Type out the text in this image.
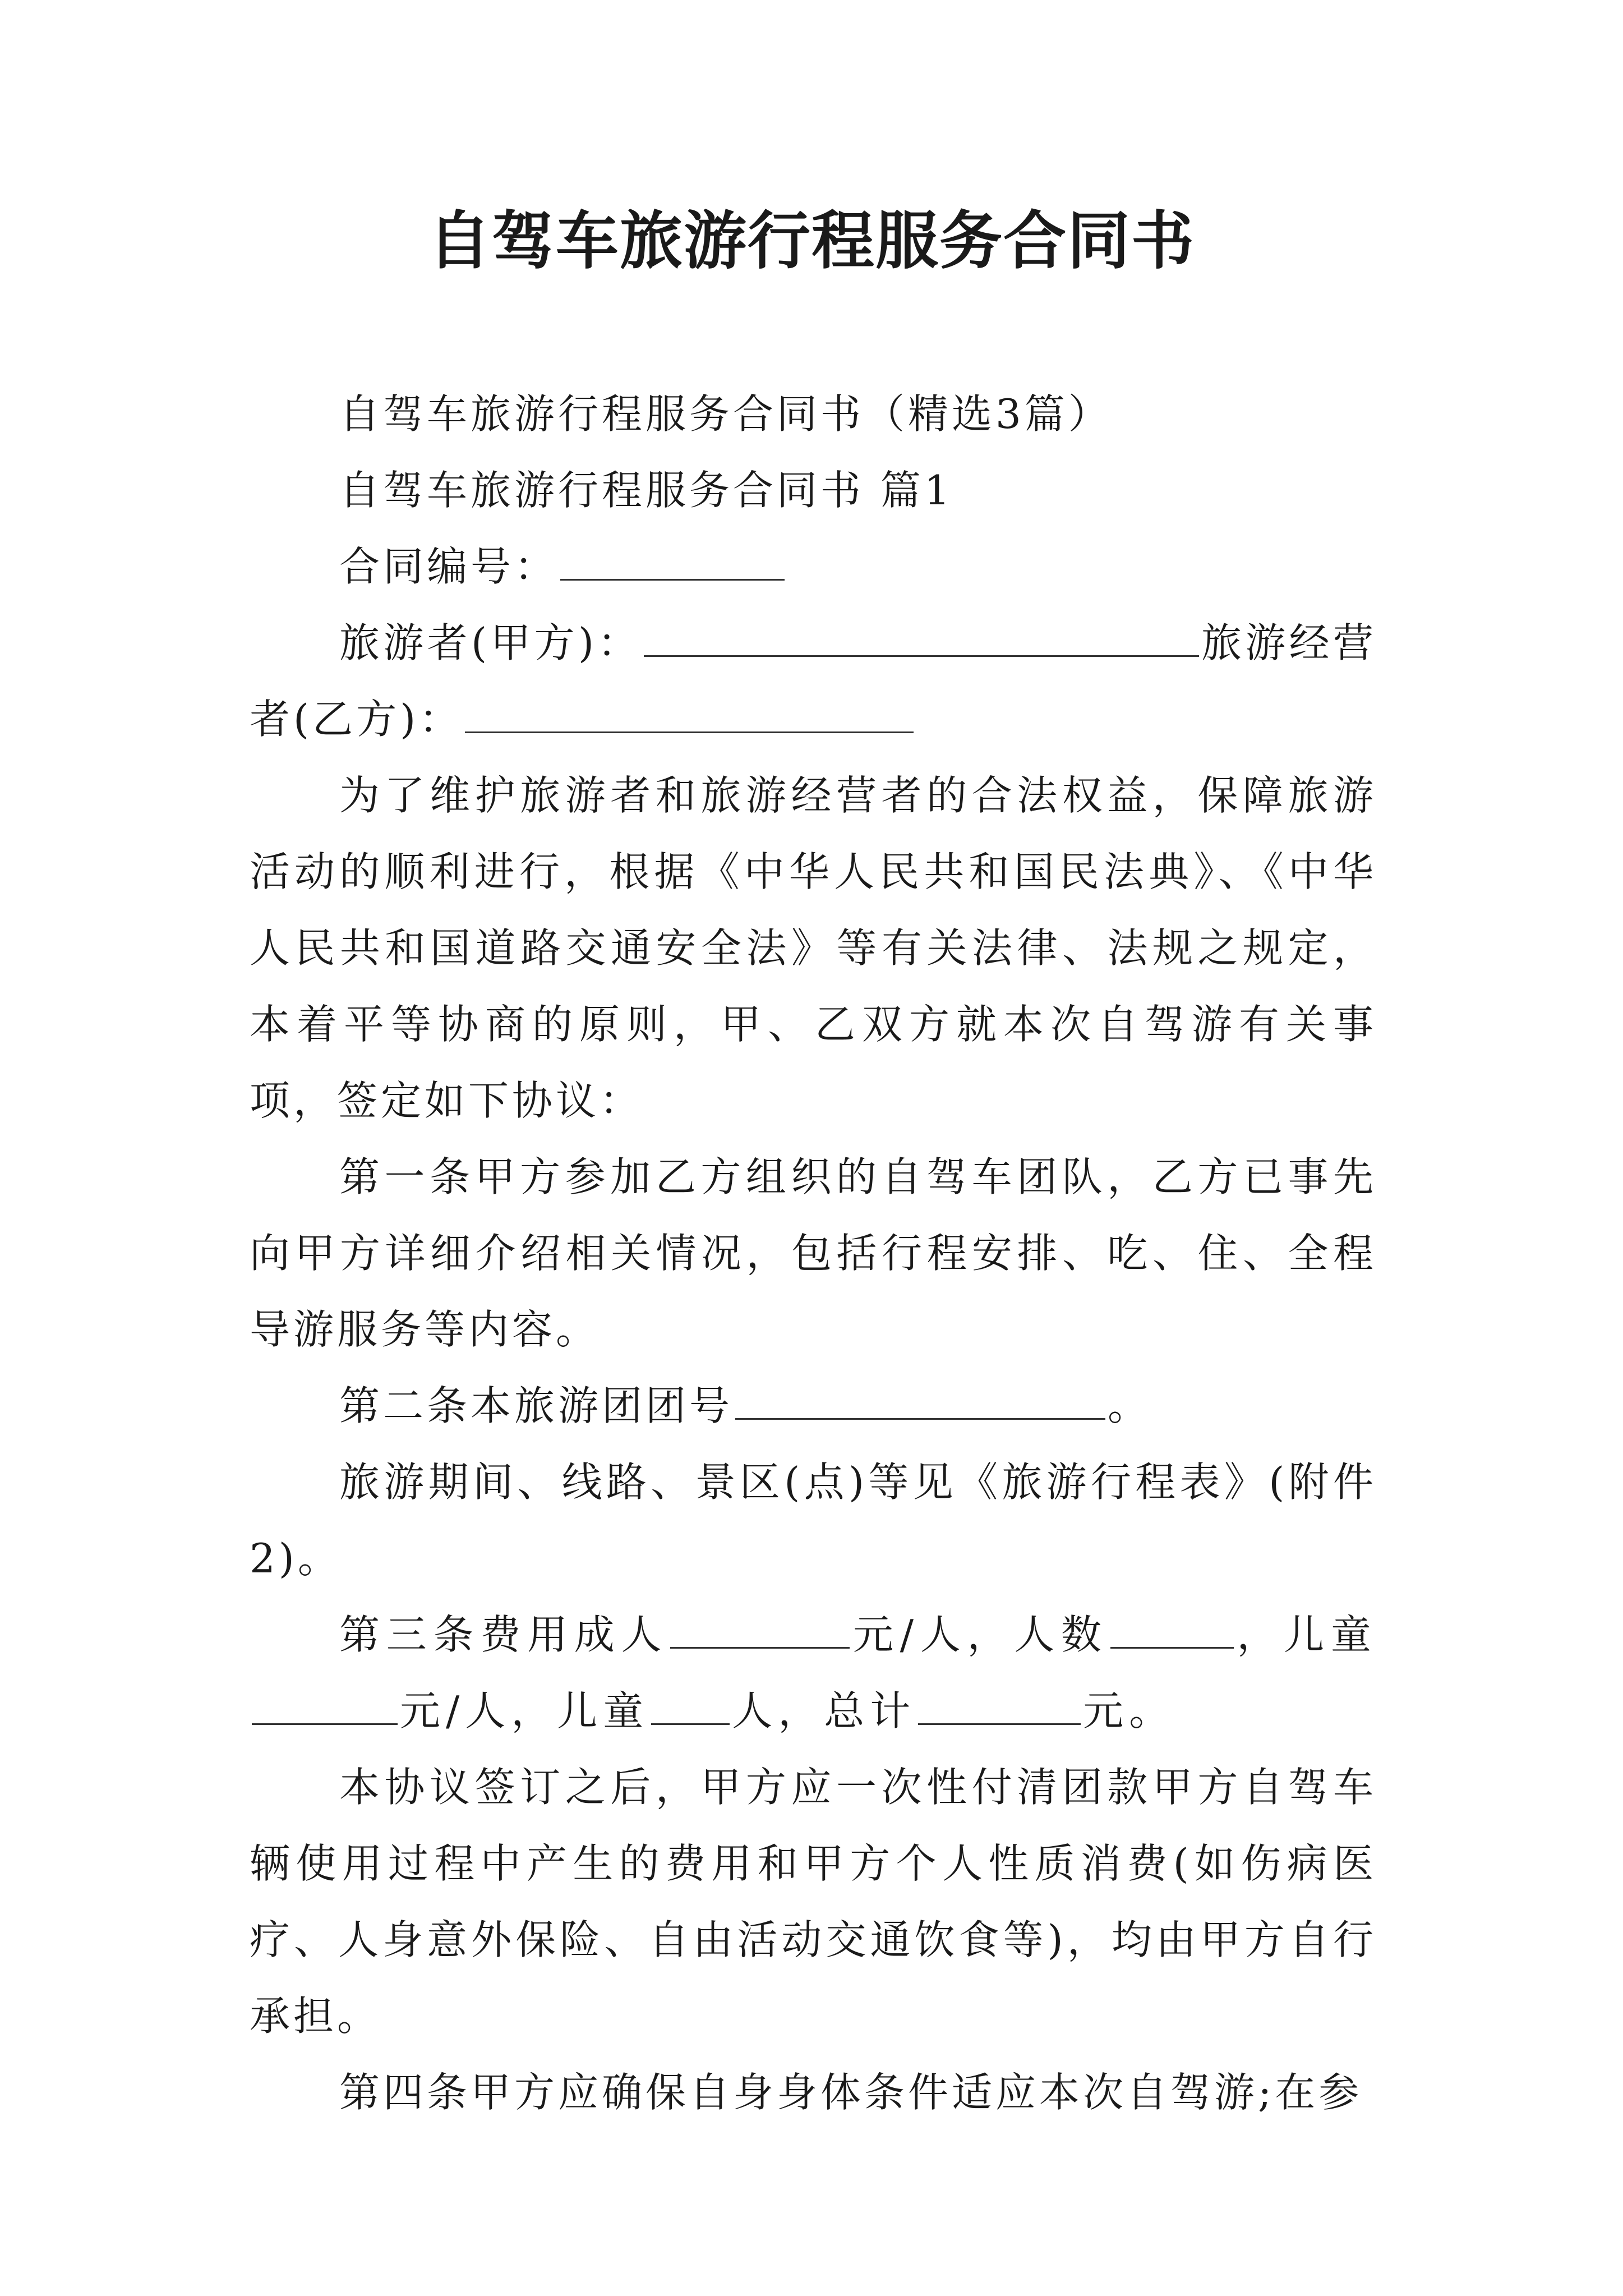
自驾车旅游行程服务合同书

自驾车旅游行程服务合同书（精选3篇）

自驾车旅游行程服务合同书 篇1

合同编号：

旅游者(甲方)：	旅游经营者(乙方)：

为了维护旅游者和旅游经营者的合法权益，保障旅游活动的顺利进行，根据《中华人民共和国民法典》、《中华人民共和国道路交通安全法》等有关法律、法规之规定，本着平等协商的原则，甲、乙双方就本次自驾游有关事项，签定如下协议：

第一条甲方参加乙方组织的自驾车团队，乙方已事先向甲方详细介绍相关情况，包括行程安排、吃、住、全程导游服务等内容。

第二条本旅游团团号	。

旅游期间、线路、景区(点)等见《旅游行程表》(附件2)。

第三条费用成人	元/人，人数	，儿童元/人，儿童 人，总计	元。

本协议签订之后，甲方应一次性付清团款甲方自驾车辆使用过程中产生的费用和甲方个人性质消费(如伤病医疗、人身意外保险、自由活动交通饮食等)，均由甲方自行承担。

第四条甲方应确保自身身体条件适应本次自驾游;在参
